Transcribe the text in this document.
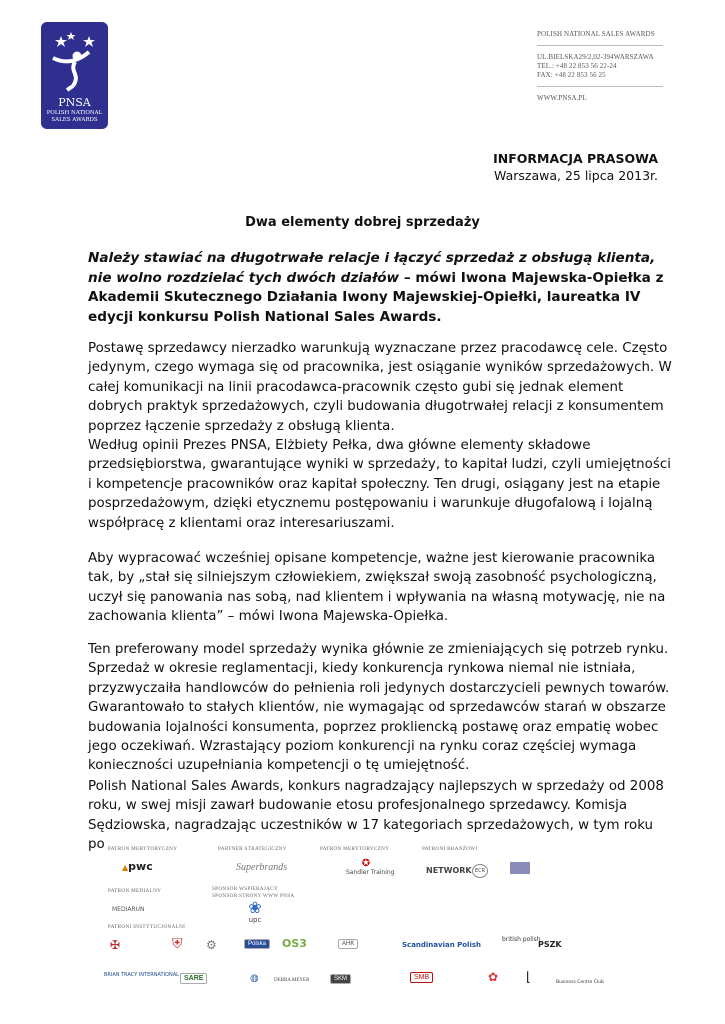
PNSA
POLISH NATIONAL
SALES AWARDS
POLISH NATIONAL SALES AWARDS
UL.BIELSKA29/2,02-394WARSZAWA
TEL.: +48 22 853 56 22-24
FAX: +48 22 853 56 25
WWW.PNSA.PL
INFORMACJA PRASOWA
Warszawa, 25 lipca 2013r.
Dwa elementy dobrej sprzedaży

Należy stawiać na długotrwałe relacje i łączyć sprzedaż z obsługą klienta, nie wolno rozdzielać tych dwóch działów – mówi Iwona Majewska-Opiełka z Akademii Skutecznego Działania Iwony Majewskiej-Opiełki, laureatka IV edycji konkursu Polish National Sales Awards.

Postawę sprzedawcy nierzadko warunkują wyznaczane przez pracodawcę cele. Często jedynym, czego wymaga się od pracownika, jest osiąganie wyników sprzedażowych. W całej komunikacji na linii pracodawca-pracownik często gubi się jednak element dobrych praktyk sprzedażowych, czyli budowania długotrwałej relacji z konsumentem poprzez łączenie sprzedaży z obsługą klienta.

Według opinii Prezes PNSA, Elżbiety Pełka, dwa główne elementy składowe przedsiębiorstwa, gwarantujące wyniki w sprzedaży, to kapitał ludzi, czyli umiejętności i kompetencje pracowników oraz kapitał społeczny. Ten drugi, osiągany jest na etapie posprzedażowym, dzięki etycznemu postępowaniu i warunkuje długofalową i lojalną współpracę z klientami oraz interesariuszami.

Aby wypracować wcześniej opisane kompetencje, ważne jest kierowanie pracownika tak, by „stał się silniejszym człowiekiem, zwiększał swoją zasobność psychologiczną, uczył się panowania nas sobą, nad klientem i wpływania na własną motywację, nie na zachowania klienta” – mówi Iwona Majewska-Opiełka.

Ten preferowany model sprzedaży wynika głównie ze zmieniających się potrzeb rynku. Sprzedaż w okresie reglamentacji, kiedy konkurencja rynkowa niemal nie istniała, przyzwyczaiła handlowców do pełnienia roli jedynych dostarczycieli pewnych towarów. Gwarantowało to stałych klientów, nie wymagając od sprzedawców starań w obszarze budowania lojalności konsumenta, poprzez prokliencką postawę oraz empatię wobec jego oczekiwań. Wzrastający poziom konkurencji na rynku coraz częściej wymaga konieczności uzupełniania kompetencji o tę umiejętność.

Polish National Sales Awards, konkurs nagradzający najlepszych w sprzedaży od 2008 roku, w swej misji zawarł budowanie etosu profesjonalnego sprzedawcy. Komisja Sędziowska, nagradzając uczestników w 17 kategoriach sprzedażowych, w tym roku po PATRON MERYTORYCZNY	PARTNER STRATEGICZNY	PATRON MERYTORYCZNY	PATRONI BRANŻOWI
▲pwc	Superbrands	✪
Sandler Training	NETWORK ECR
PATRON MEDIALNY	SPONSOR WSPIERAJĄCY
SPONSOR STRONY WWW PNSA
MEDIARUN	❀
upc
PATRONI INSTYTUCJONALNI
✠	⛨ ⚙	Polska	OS3	AHK	Scandinavian Polish
british polish
PSZK
BRIAN TRACY INTERNATIONAL SARE	◍	DEBRA MEYER	SKM	SMB	✿ ⌊	Business Centre Club
